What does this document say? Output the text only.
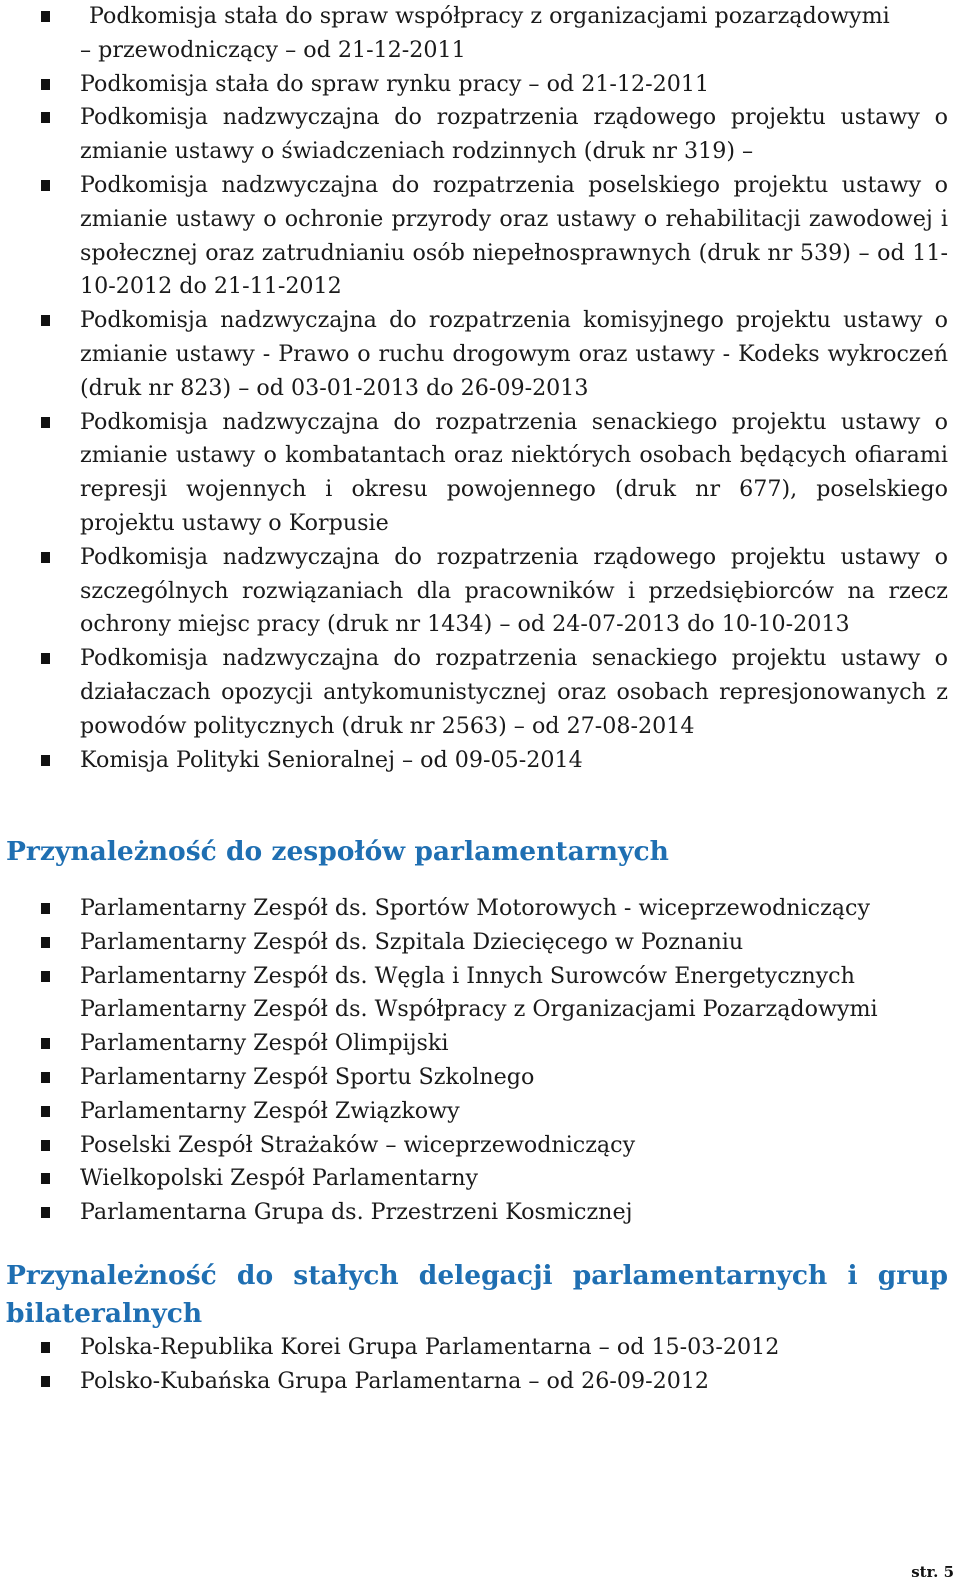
Podkomisja stała do spraw współpracy z organizacjami pozarządowymi
– przewodniczący – od 21-12-2011
Podkomisja stała do spraw rynku pracy – od 21-12-2011
Podkomisja nadzwyczajna do rozpatrzenia rządowego projektu ustawy o zmianie ustawy o świadczeniach rodzinnych (druk nr 319) –
Podkomisja nadzwyczajna do rozpatrzenia poselskiego projektu ustawy o zmianie ustawy o ochronie przyrody oraz ustawy o rehabilitacji zawodowej i społecznej oraz zatrudnianiu osób niepełnosprawnych (druk nr 539) – od 11-10-2012 do 21-11-2012
Podkomisja nadzwyczajna do rozpatrzenia komisyjnego projektu ustawy o zmianie ustawy - Prawo o ruchu drogowym oraz ustawy - Kodeks wykroczeń (druk nr 823) – od 03-01-2013 do 26-09-2013
Podkomisja nadzwyczajna do rozpatrzenia senackiego projektu ustawy o zmianie ustawy o kombatantach oraz niektórych osobach będących ofiarami represji wojennych i okresu powojennego (druk nr 677), poselskiego projektu ustawy o Korpusie
Podkomisja nadzwyczajna do rozpatrzenia rządowego projektu ustawy o szczególnych rozwiązaniach dla pracowników i przedsiębiorców na rzecz ochrony miejsc pracy (druk nr 1434) – od 24-07-2013 do 10-10-2013
Podkomisja nadzwyczajna do rozpatrzenia senackiego projektu ustawy o działaczach opozycji antykomunistycznej oraz osobach represjonowanych z powodów politycznych (druk nr 2563) – od 27-08-2014
Komisja Polityki Senioralnej – od 09-05-2014
Przynależność do zespołów parlamentarnych
Parlamentarny Zespół ds. Sportów Motorowych - wiceprzewodniczący
Parlamentarny Zespół ds. Szpitala Dziecięcego w Poznaniu
Parlamentarny Zespół ds. Węgla i Innych Surowców Energetycznych
Parlamentarny Zespół ds. Współpracy z Organizacjami Pozarządowymi
Parlamentarny Zespół Olimpijski
Parlamentarny Zespół Sportu Szkolnego
Parlamentarny Zespół Związkowy
Poselski Zespół Strażaków – wiceprzewodniczący
Wielkopolski Zespół Parlamentarny
Parlamentarna Grupa ds. Przestrzeni Kosmicznej
Przynależność do stałych delegacji parlamentarnych i grup bilateralnych
Polska-Republika Korei Grupa Parlamentarna – od 15-03-2012
Polsko-Kubańska Grupa Parlamentarna – od 26-09-2012
str. 5
